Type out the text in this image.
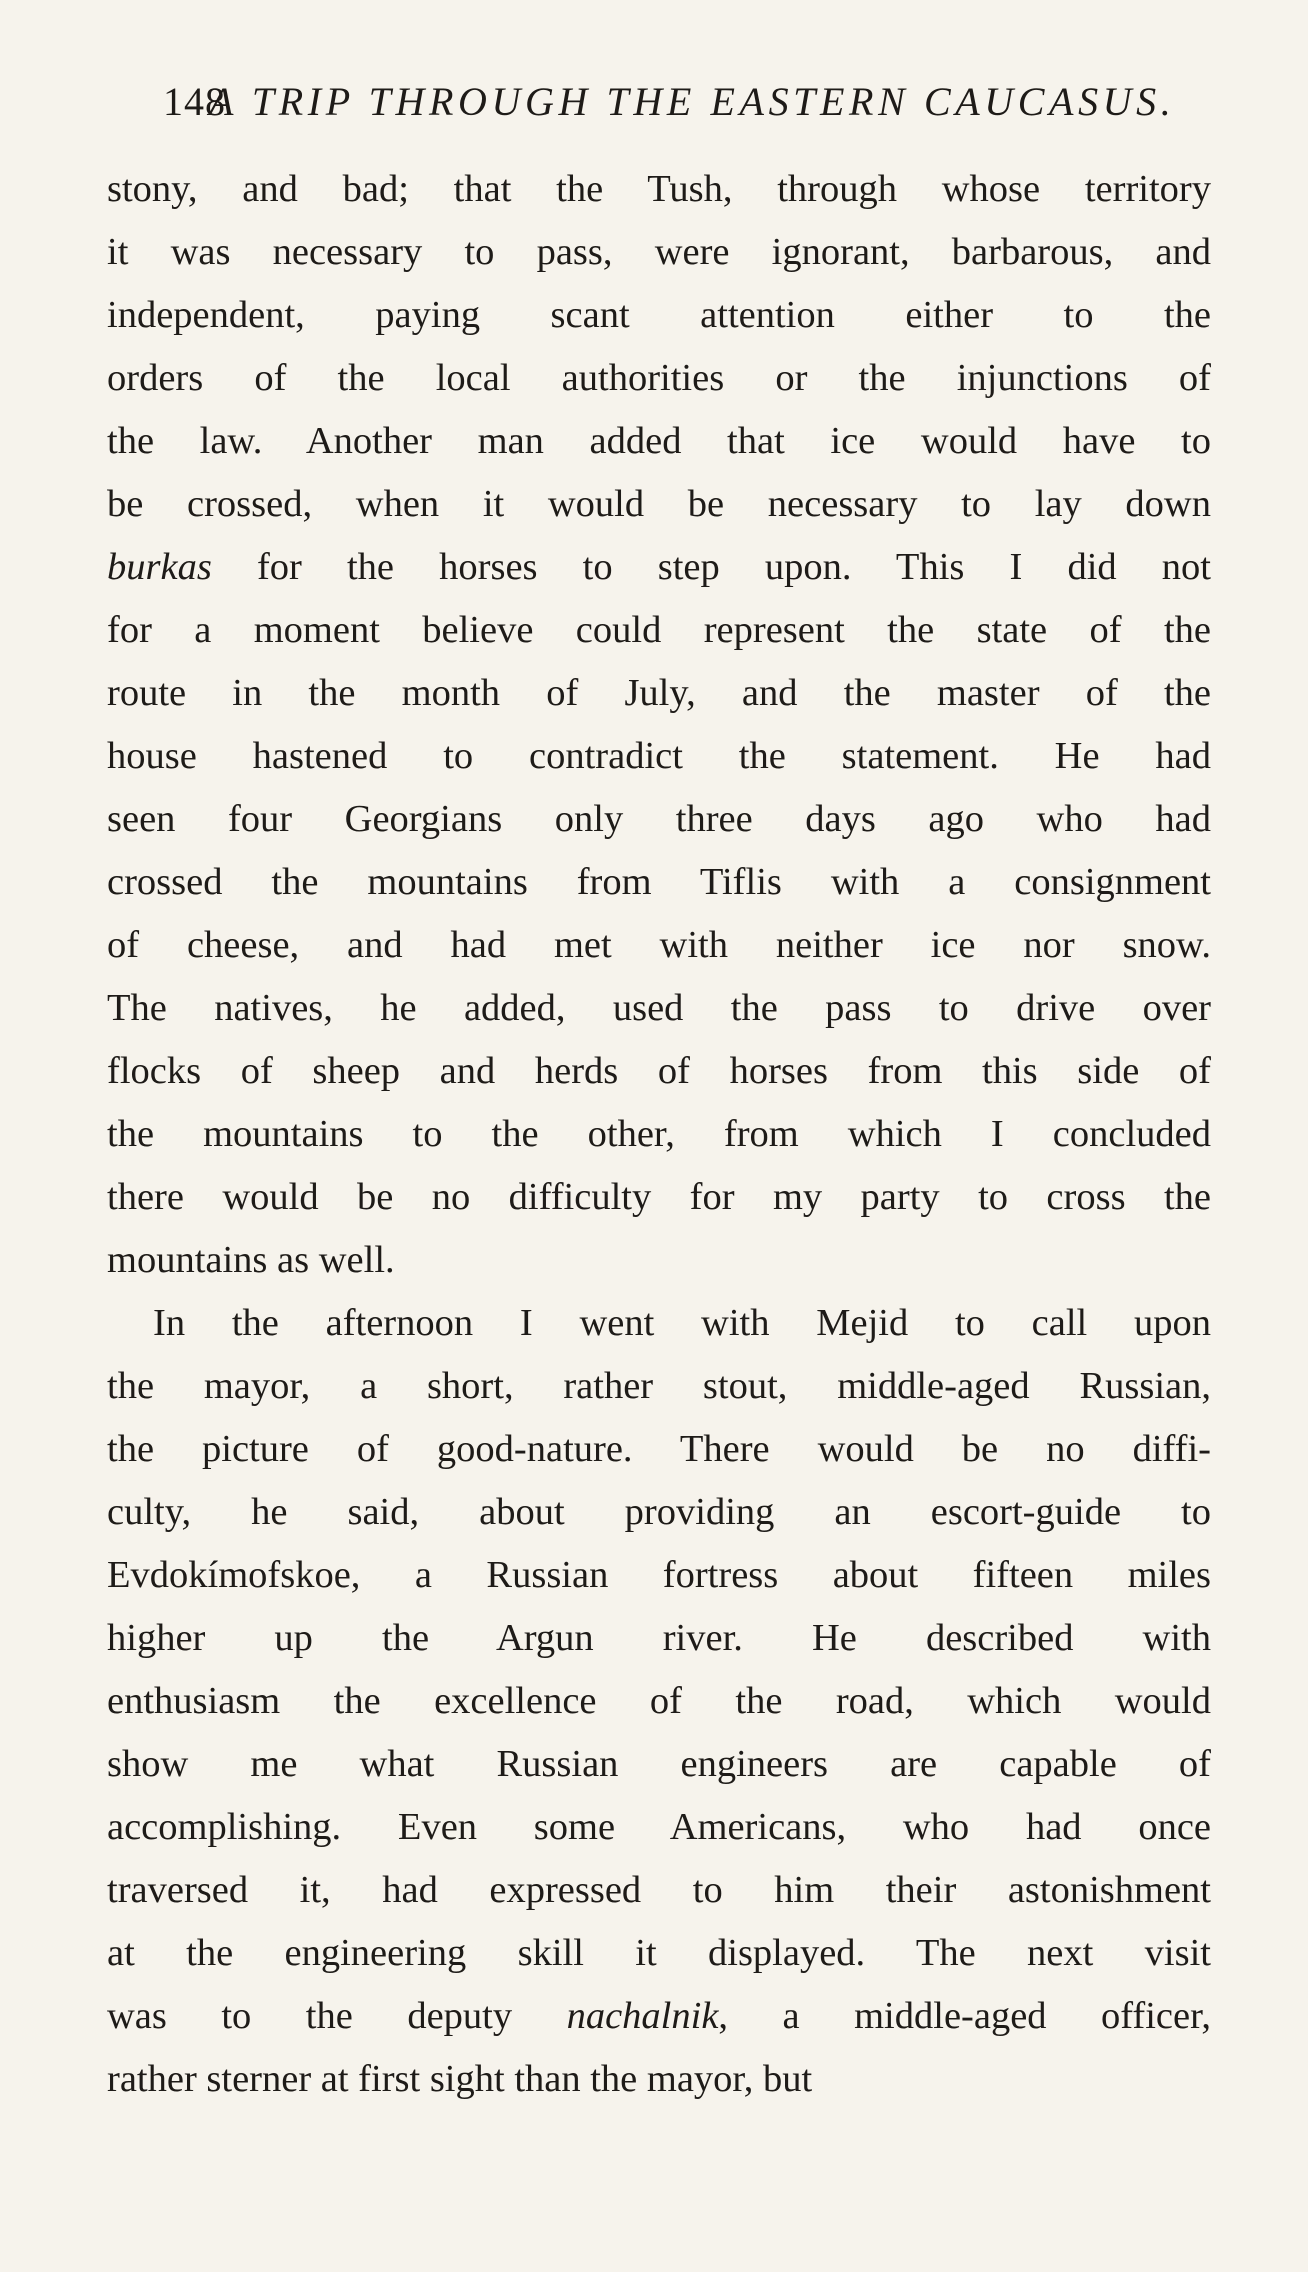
148
A TRIP THROUGH THE EASTERN CAUCASUS.
stony, and bad; that the Tush, through whose territory
it was necessary to pass, were ignorant, barbarous, and
independent, paying scant attention either to the
orders of the local authorities or the injunctions of
the law. Another man added that ice would have to
be crossed, when it would be necessary to lay down
burkas for the horses to step upon. This I did not
for a moment believe could represent the state of the
route in the month of July, and the master of the
house hastened to contradict the statement. He had
seen four Georgians only three days ago who had
crossed the mountains from Tiflis with a consignment
of cheese, and had met with neither ice nor snow.
The natives, he added, used the pass to drive over
flocks of sheep and herds of horses from this side of
the mountains to the other, from which I concluded
there would be no difficulty for my party to cross the
mountains as well.
In the afternoon I went with Mejid to call upon
the mayor, a short, rather stout, middle-aged Russian,
the picture of good-nature. There would be no diffi-
culty, he said, about providing an escort-guide to
Evdokímofskoe, a Russian fortress about fifteen miles
higher up the Argun river. He described with
enthusiasm the excellence of the road, which would
show me what Russian engineers are capable of
accomplishing. Even some Americans, who had once
traversed it, had expressed to him their astonishment
at the engineering skill it displayed. The next visit
was to the deputy nachalnik, a middle-aged officer,
rather sterner at first sight than the mayor, but
